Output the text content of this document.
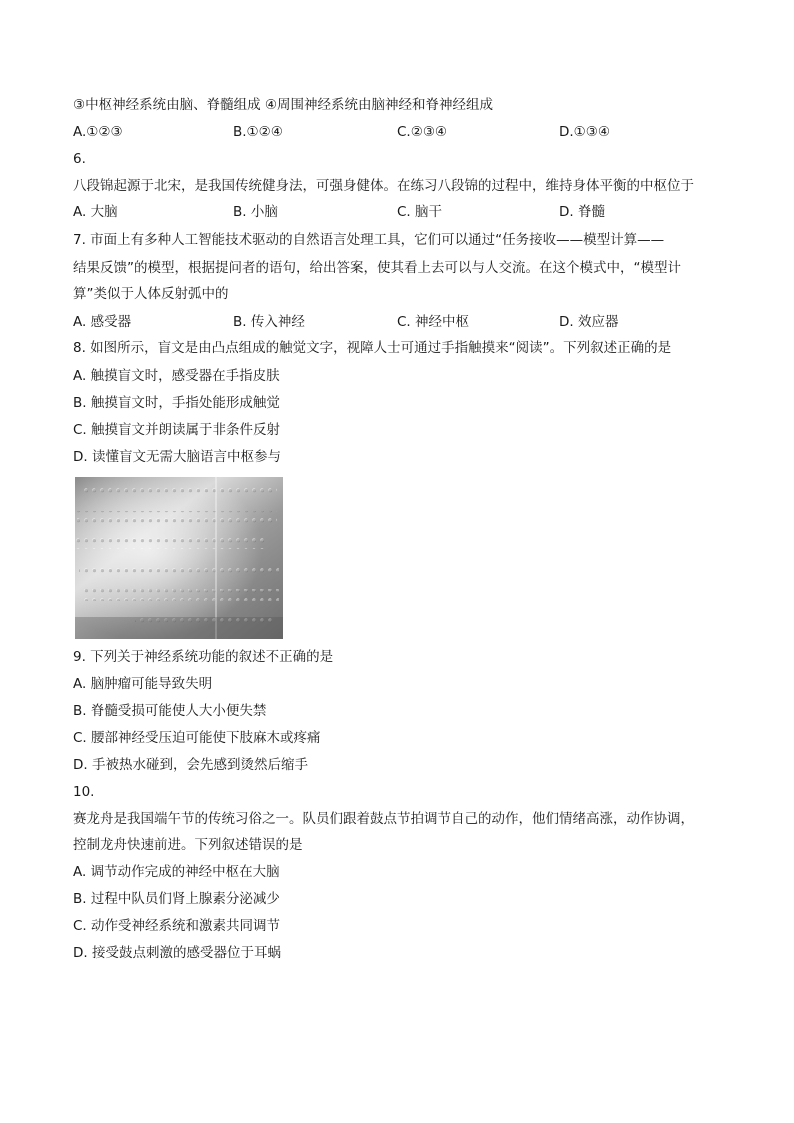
③中枢神经系统由脑、脊髓组成 ④周围神经系统由脑神经和脊神经组成
A.①②③	B.①②④	C.②③④	D.①③④
6.
八段锦起源于北宋，是我国传统健身法，可强身健体。在练习八段锦的过程中，维持身体平衡的中枢位于
A. 大脑	B. 小脑	C. 脑干	D. 脊髓
7. 市面上有多种人工智能技术驱动的自然语言处理工具，它们可以通过“任务接收——模型计算——
结果反馈”的模型，根据提问者的语句，给出答案，使其看上去可以与人交流。在这个模式中，“模型计
算”类似于人体反射弧中的
A. 感受器	B. 传入神经	C. 神经中枢	D. 效应器
8. 如图所示，盲文是由凸点组成的触觉文字，视障人士可通过手指触摸来“阅读”。下列叙述正确的是
A. 触摸盲文时，感受器在手指皮肤
B. 触摸盲文时，手指处能形成触觉
C. 触摸盲文并朗读属于非条件反射
D. 读懂盲文无需大脑语言中枢参与
9. 下列关于神经系统功能的叙述不正确的是
A. 脑肿瘤可能导致失明
B. 脊髓受损可能使人大小便失禁
C. 腰部神经受压迫可能使下肢麻木或疼痛
D. 手被热水碰到，会先感到烫然后缩手
10.
赛龙舟是我国端午节的传统习俗之一。队员们跟着鼓点节拍调节自己的动作，他们情绪高涨，动作协调，
控制龙舟快速前进。下列叙述错误的是
A. 调节动作完成的神经中枢在大脑
B. 过程中队员们肾上腺素分泌减少
C. 动作受神经系统和激素共同调节
D. 接受鼓点刺激的感受器位于耳蜗
